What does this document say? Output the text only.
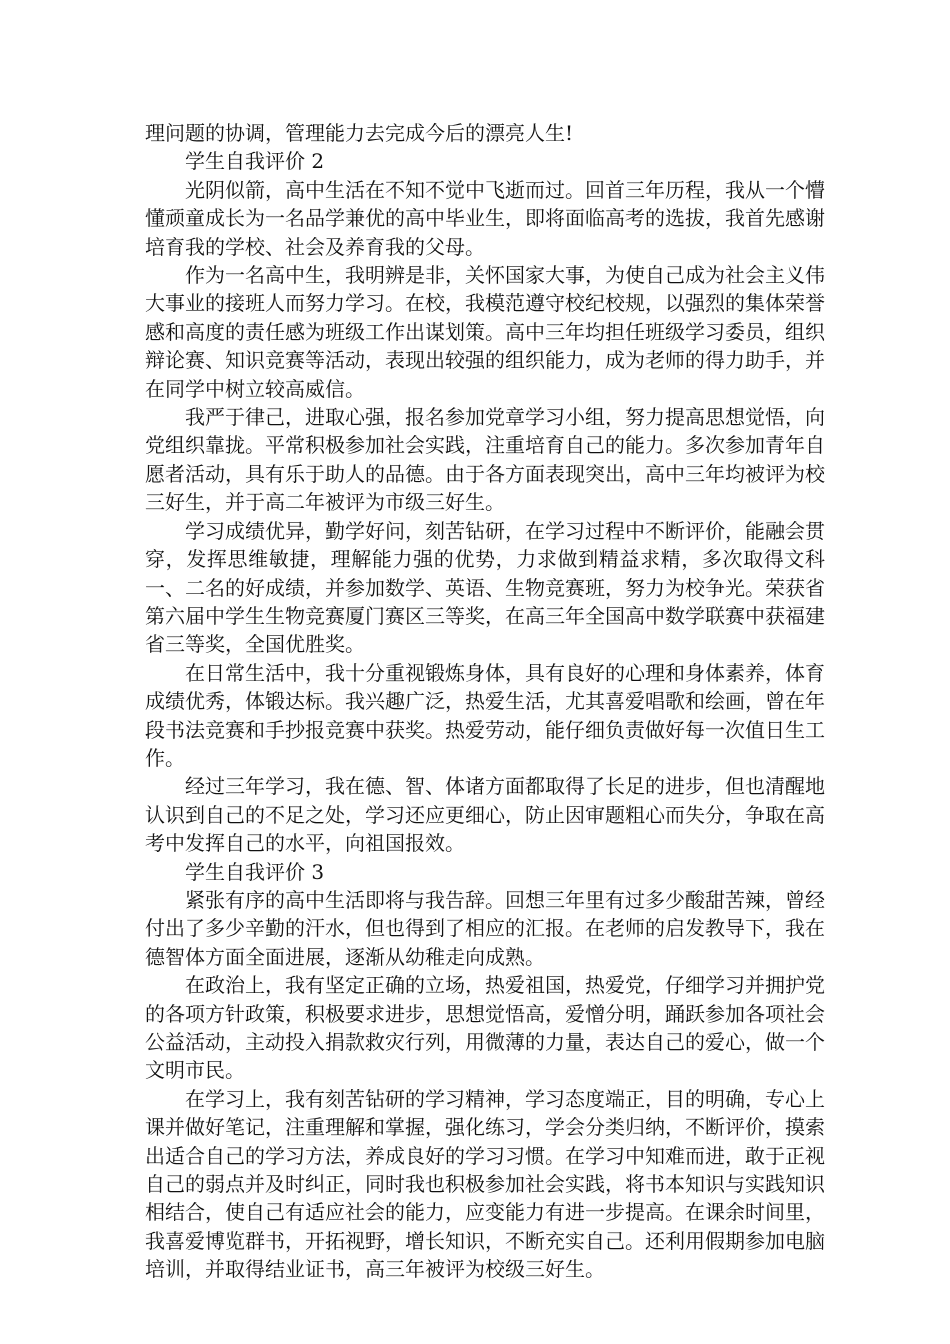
理问题的协调，管理能力去完成今后的漂亮人生!

学生自我评价 2

光阴似箭，高中生活在不知不觉中飞逝而过。回首三年历程，我从一个懵懂顽童成长为一名品学兼优的高中毕业生，即将面临高考的选拔，我首先感谢培育我的学校、社会及养育我的父母。

作为一名高中生，我明辨是非，关怀国家大事，为使自己成为社会主义伟大事业的接班人而努力学习。在校，我模范遵守校纪校规，以强烈的集体荣誉感和高度的责任感为班级工作出谋划策。高中三年均担任班级学习委员，组织辩论赛、知识竞赛等活动，表现出较强的组织能力，成为老师的得力助手，并在同学中树立较高威信。

我严于律己，进取心强，报名参加党章学习小组，努力提高思想觉悟，向党组织靠拢。平常积极参加社会实践，注重培育自己的能力。多次参加青年自愿者活动，具有乐于助人的品德。由于各方面表现突出，高中三年均被评为校三好生，并于高二年被评为市级三好生。

学习成绩优异，勤学好问，刻苦钻研，在学习过程中不断评价，能融会贯穿，发挥思维敏捷，理解能力强的优势，力求做到精益求精，多次取得文科一、二名的好成绩，并参加数学、英语、生物竞赛班，努力为校争光。荣获省第六届中学生生物竞赛厦门赛区三等奖，在高三年全国高中数学联赛中获福建省三等奖，全国优胜奖。

在日常生活中，我十分重视锻炼身体，具有良好的心理和身体素养，体育成绩优秀，体锻达标。我兴趣广泛，热爱生活，尤其喜爱唱歌和绘画，曾在年段书法竞赛和手抄报竞赛中获奖。热爱劳动，能仔细负责做好每一次值日生工作。

经过三年学习，我在德、智、体诸方面都取得了长足的进步，但也清醒地认识到自己的不足之处，学习还应更细心，防止因审题粗心而失分，争取在高考中发挥自己的水平，向祖国报效。

学生自我评价 3

紧张有序的高中生活即将与我告辞。回想三年里有过多少酸甜苦辣，曾经付出了多少辛勤的汗水，但也得到了相应的汇报。在老师的启发教导下，我在德智体方面全面进展，逐渐从幼稚走向成熟。

在政治上，我有坚定正确的立场，热爱祖国，热爱党，仔细学习并拥护党的各项方针政策，积极要求进步，思想觉悟高，爱憎分明，踊跃参加各项社会公益活动，主动投入捐款救灾行列，用微薄的力量，表达自己的爱心，做一个文明市民。

在学习上，我有刻苦钻研的学习精神，学习态度端正，目的明确，专心上课并做好笔记，注重理解和掌握，强化练习，学会分类归纳，不断评价，摸索出适合自己的学习方法，养成良好的学习习惯。在学习中知难而进，敢于正视自己的弱点并及时纠正，同时我也积极参加社会实践，将书本知识与实践知识相结合，使自己有适应社会的能力，应变能力有进一步提高。在课余时间里，我喜爱博览群书，开拓视野，增长知识，不断充实自己。还利用假期参加电脑培训，并取得结业证书，高三年被评为校级三好生。
